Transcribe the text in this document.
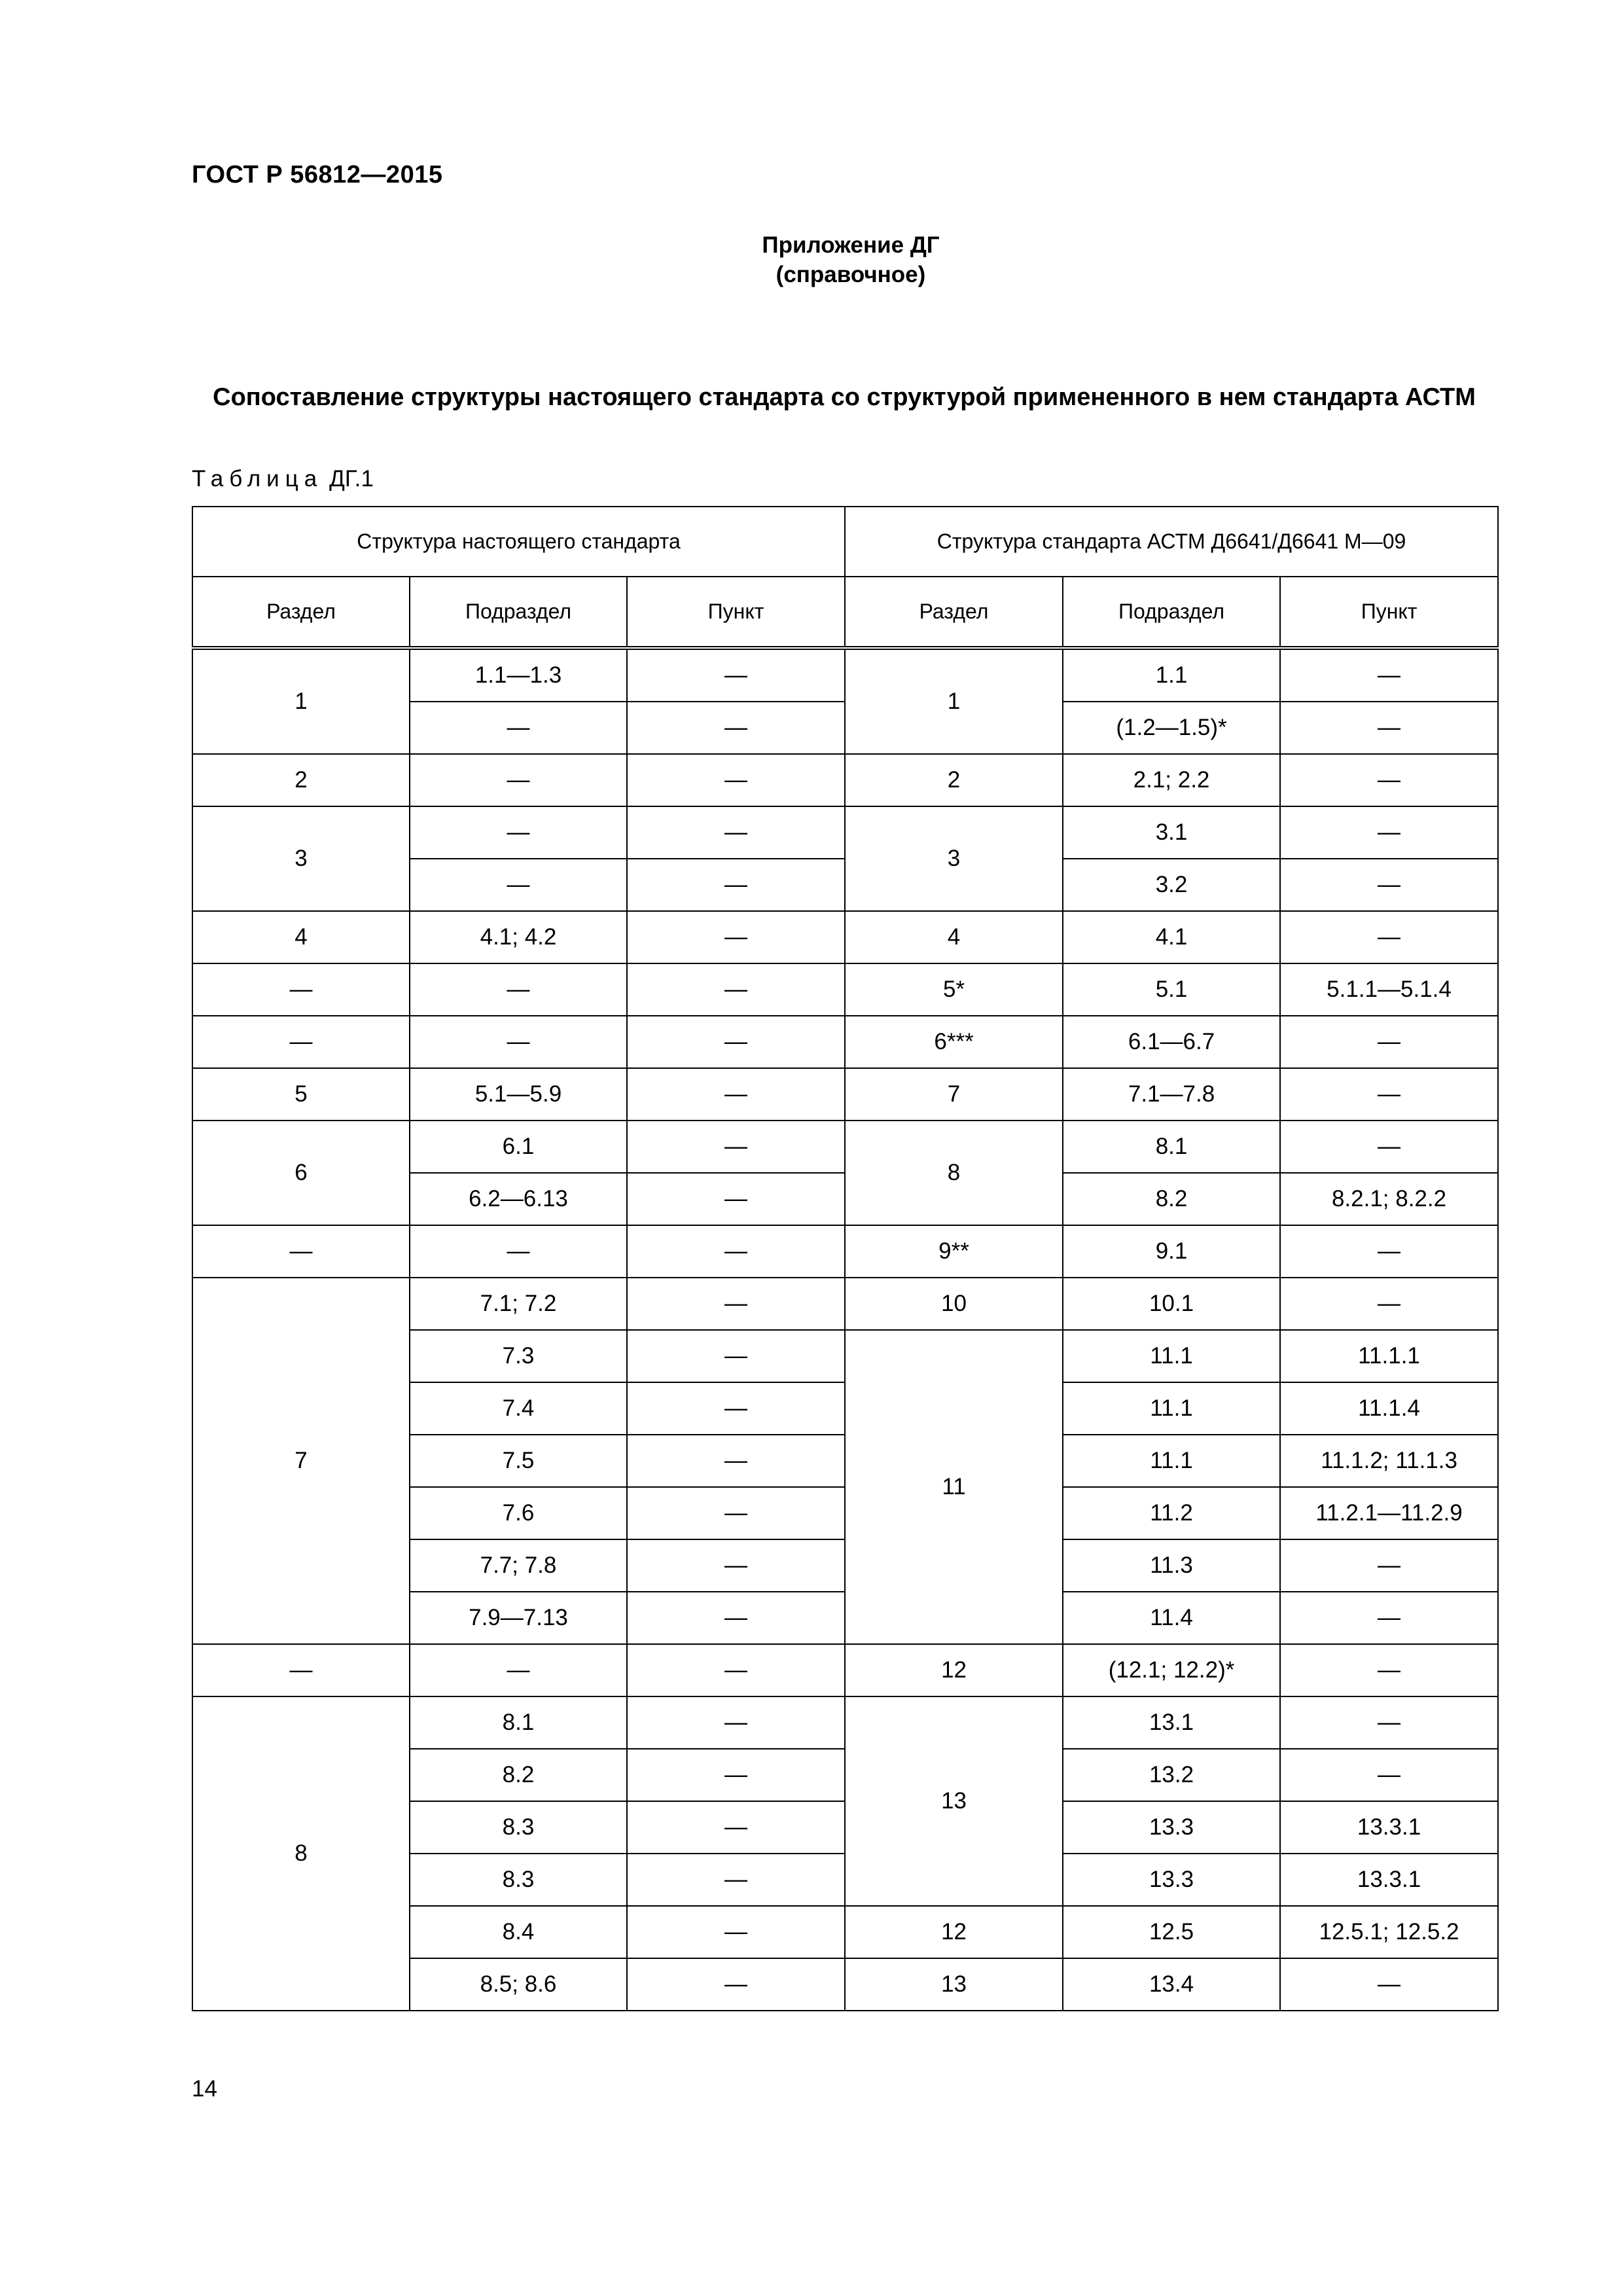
ГОСТ Р 56812—2015
Приложение ДГ
(справочное)
Сопоставление структуры настоящего стандарта со структурой примененного в нем стандарта АСТМ
Таблица ДГ.1
Структура настоящего стандарта			Структура стандарта АСТМ Д6641/Д6641 М—09		
Раздел	Подраздел	Пункт	Раздел	Подраздел	Пункт
1	1.1—1.3	—	1	1.1	—
	—	—		(1.2—1.5)*	—
2	—	—	2	2.1; 2.2	—
3	—	—	3	3.1	—
	—	—		3.2	—
4	4.1; 4.2	—	4	4.1	—
—	—	—	5*	5.1	5.1.1—5.1.4
—	—	—	6***	6.1—6.7	—
5	5.1—5.9	—	7	7.1—7.8	—
6	6.1	—	8	8.1	—
	6.2—6.13	—		8.2	8.2.1; 8.2.2
—	—	—	9**	9.1	—
7	7.1; 7.2	—	10	10.1	—
	7.3	—	11	11.1	11.1.1
	7.4	—		11.1	11.1.4
	7.5	—		11.1	11.1.2; 11.1.3
	7.6	—		11.2	11.2.1—11.2.9
	7.7; 7.8	—		11.3	—
	7.9—7.13	—		11.4	—
—	—	—	12	(12.1; 12.2)*	—
8	8.1	—	13	13.1	—
	8.2	—		13.2	—
	8.3	—		13.3	13.3.1
	8.3	—		13.3	13.3.1
	8.4	—	12	12.5	12.5.1; 12.5.2
	8.5; 8.6	—	13	13.4	—
14
